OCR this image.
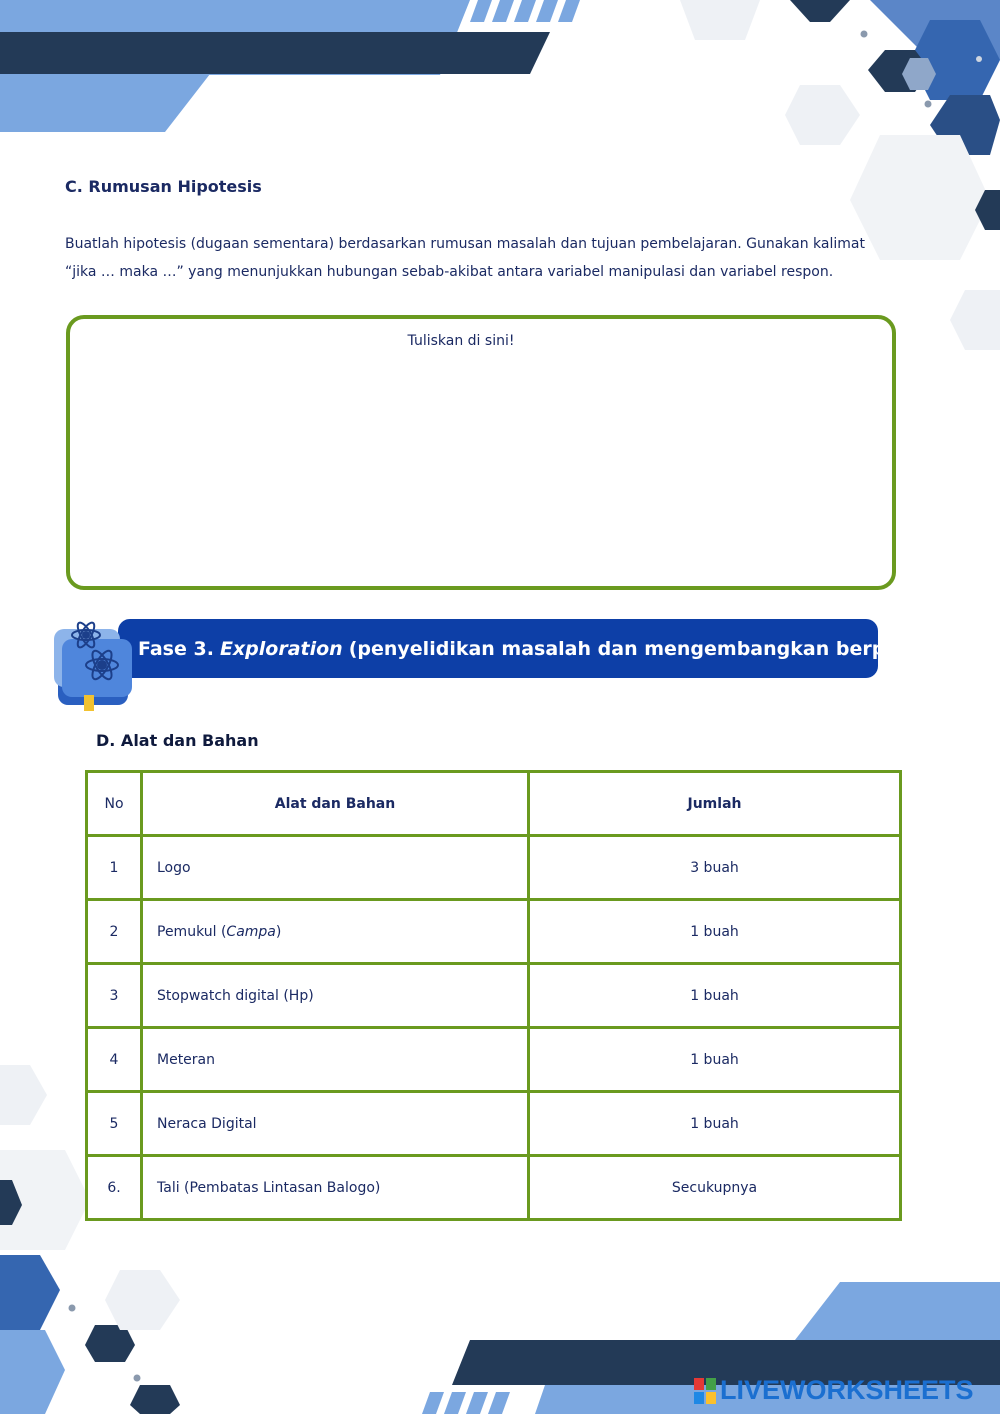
C. Rumusan Hipotesis
Buatlah hipotesis (dugaan sementara) berdasarkan rumusan masalah dan tujuan pembelajaran. Gunakan kalimat
“jika … maka …” yang menunjukkan hubungan sebab-akibat antara variabel manipulasi dan variabel respon.
Tuliskan di sini!
Fase 3. Exploration (penyelidikan masalah dan mengembangkan berpikir)
D. Alat dan Bahan
No	Alat dan Bahan	Jumlah
1	Logo	3 buah
2	Pemukul (Campa)	1 buah
3	Stopwatch digital (Hp)	1 buah
4	Meteran	1 buah
5	Neraca Digital	1 buah
6.	Tali (Pembatas Lintasan Balogo)	Secukupnya
LIVEWORKSHEETS
